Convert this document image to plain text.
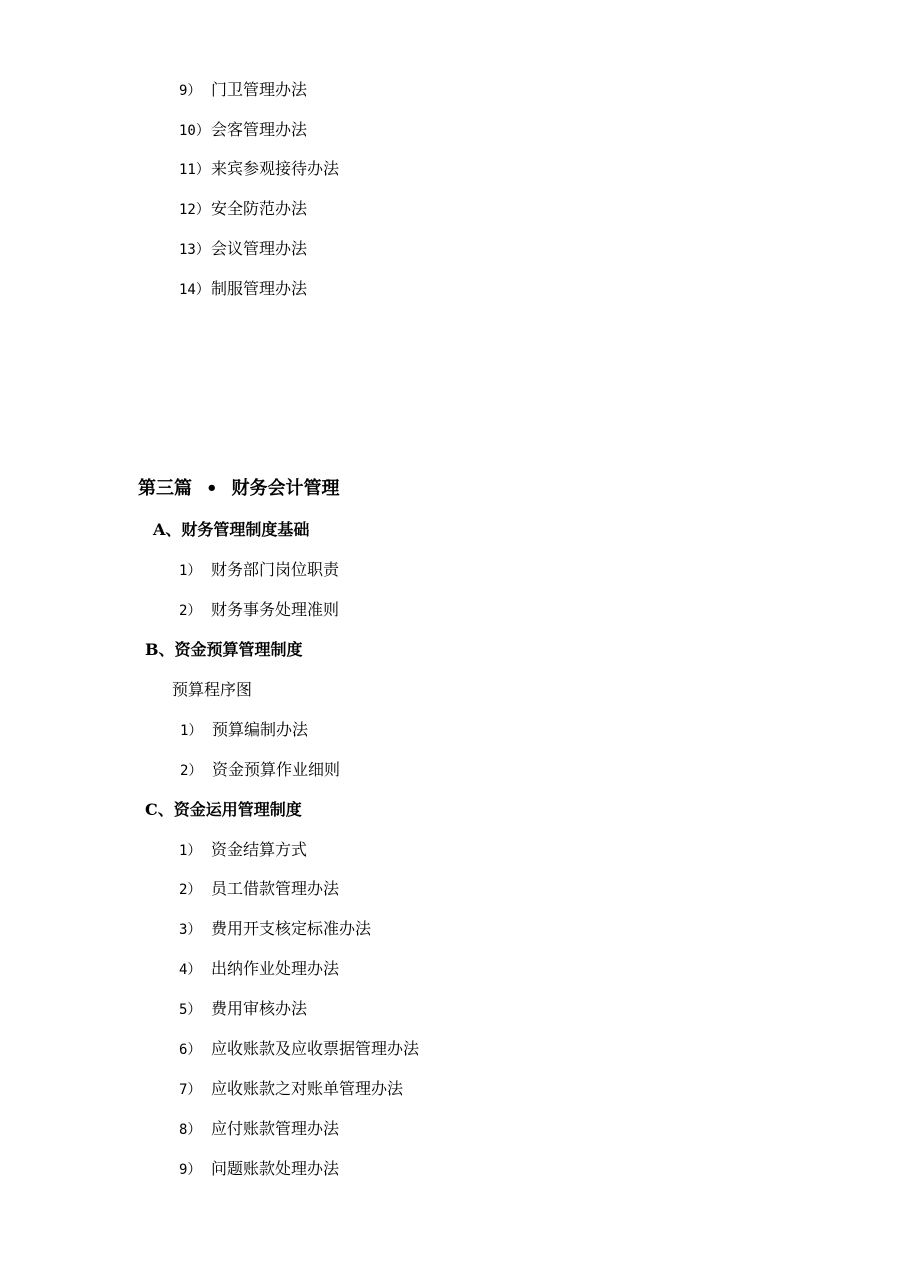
9） 门卫管理办法
10）会客管理办法
11）来宾参观接待办法
12）安全防范办法
13）会议管理办法
14）制服管理办法
第三篇 • 财务会计管理
A、财务管理制度基础
1） 财务部门岗位职责
2） 财务事务处理准则
B、资金预算管理制度
预算程序图
1） 预算编制办法
2） 资金预算作业细则
C、资金运用管理制度
1） 资金结算方式
2） 员工借款管理办法
3） 费用开支核定标准办法
4） 出纳作业处理办法
5） 费用审核办法
6） 应收账款及应收票据管理办法
7） 应收账款之对账单管理办法
8） 应付账款管理办法
9） 问题账款处理办法
